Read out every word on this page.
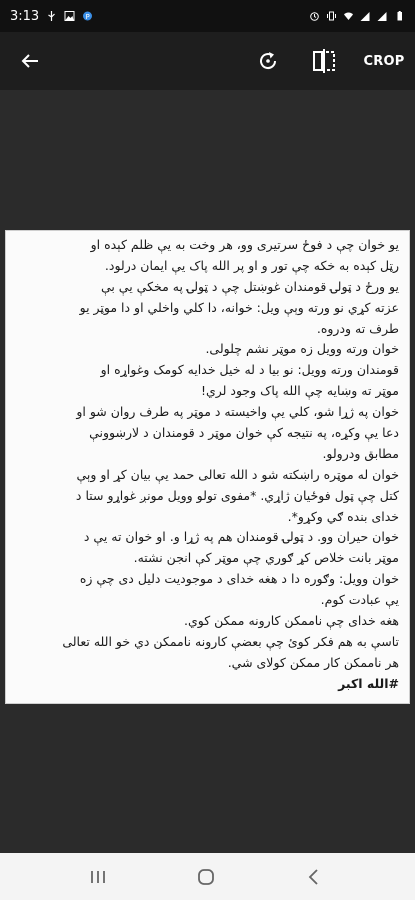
3:13	P
CROP
یو خوان چې د فوځ سرتیری وو، هر وخت به یې ظلم کېده او
رټل کېده به خکه چې تور و او پر الله پاک یې ایمان درلود.
یو ورځ د ټولۍ قومندان غوښتل چې د ټولۍ په مخکې یې بې
عزته کړي نو ورته وېې ویل: خوانه، دا کلي واخلي او دا موټر یو
طرف ته ودروه.
خوان ورته وویل زه موټر نشم چلولی.
قومندان ورته وویل: نو بیا د له خیل خدایه کومک وغواړه او
موټر ته وښایه چې الله پاک وجود لري!
خوان په ژړا شو، کلي یې واخیسته د موټر په طرف روان شو او
دعا یې وکړه، په نتیجه کې خوان موټر د قومندان د لارښوونې
مطابق ودرولو.
خوان له موټره راښکته شو د الله تعالی حمد یې بیان کړ او وېې
کتل چې ټول فوځیان ژاړي. *مفوی تولو وویل مونږ غواړو ستا د
خدای بنده ګي وکړو*.
خوان حیران وو. د ټولۍ قومندان هم په ژړا و. او خوان ته یې د
موټر بانت خلاص کړ ګوري چې موټر کې انجن نشته.
خوان وویل: وګوره دا د هغه خدای د موجودیت دلیل دی چې زه
یې عبادت کوم.
هغه خدای چې ناممکن کارونه ممکن کوي.
تاسې به هم فکر کوئ چې بعضې کارونه ناممکن دي خو الله تعالی
هر ناممکن کار ممکن کولای شي.
#الله اکبر
